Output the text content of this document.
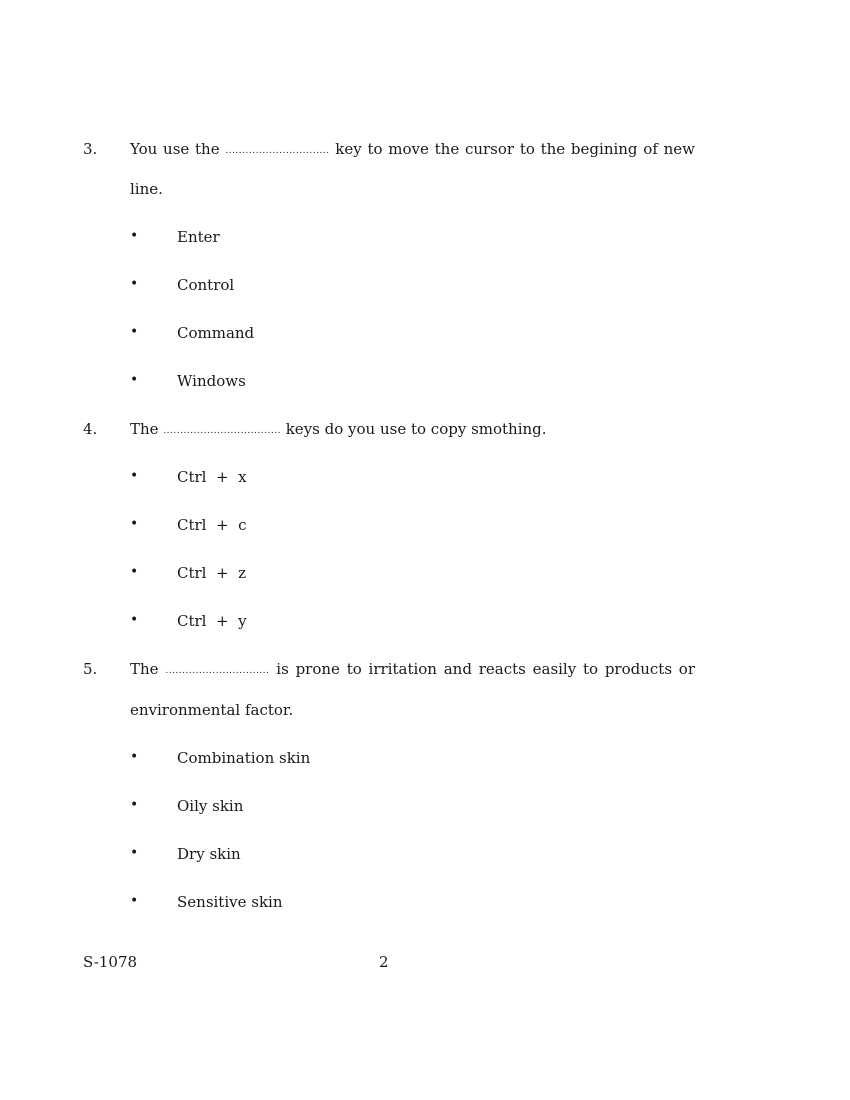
3. You use the ............................... key to move the cursor to the begining of new
line.
•	Enter
•	Control
•	Command
•	Windows
4. The ................................... keys do you use to copy smothing.
•	Ctrl  +  x
•	Ctrl  +  c
•	Ctrl  +  z
•	Ctrl  +  y
5. The ............................... is prone to irritation and reacts easily to products or
environmental factor.
•	Combination skin
•	Oily skin
•	Dry skin
•	Sensitive skin
S-1078	2
